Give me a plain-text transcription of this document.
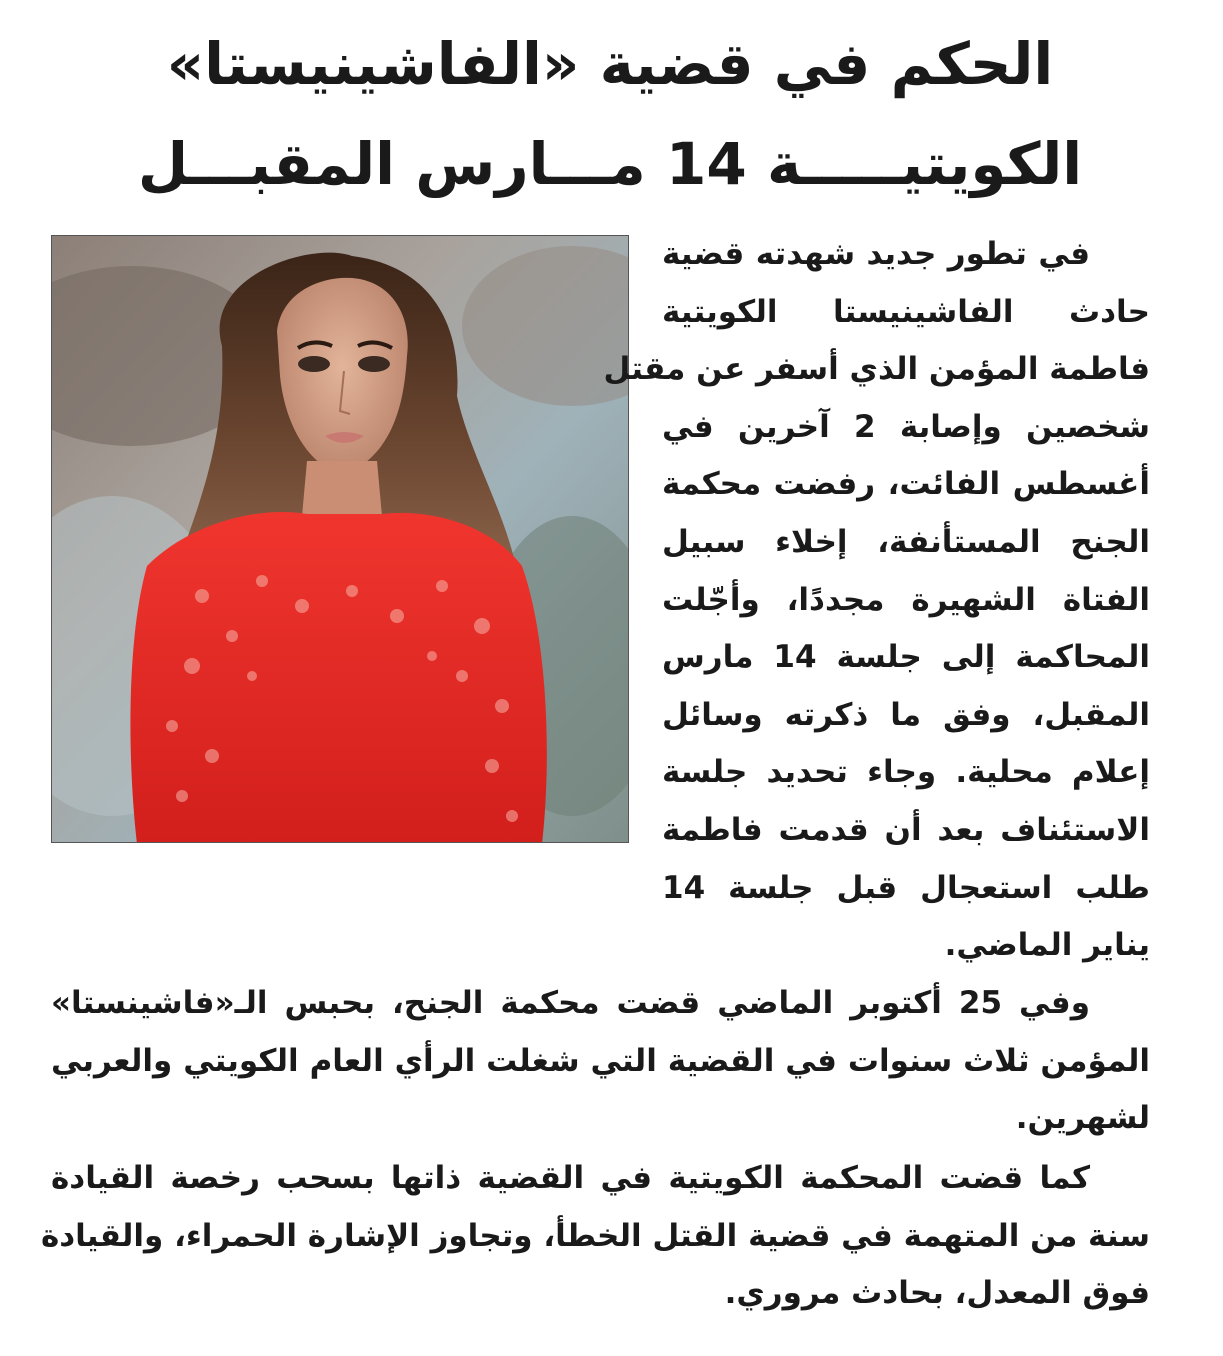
الحكم في قضية «الفاشينيستا»
الكويتيـــــة 14 مـــارس المقبـــل
في تطور جديد شهدته قضية
حادث الفاشينيستا الكويتية
فاطمة المؤمن الذي أسفر عن مقتل
شخصين وإصابة 2 آخرين في
أغسطس الفائت، رفضت محكمة
الجنح المستأنفة، إخلاء سبيل
الفتاة الشهيرة مجددًا، وأجّلت
المحاكمة إلى جلسة 14 مارس
المقبل، وفق ما ذكرته وسائل
إعلام محلية. وجاء تحديد جلسة
الاستئناف بعد أن قدمت فاطمة
طلب استعجال قبل جلسة 14
يناير الماضي.
وفي 25 أكتوبر الماضي قضت محكمة الجنح، بحبس الـ«فاشينستا»
المؤمن ثلاث سنوات في القضية التي شغلت الرأي العام الكويتي والعربي
لشهرين.
كما قضت المحكمة الكويتية في القضية ذاتها بسحب رخصة القيادة
سنة من المتهمة في قضية القتل الخطأ، وتجاوز الإشارة الحمراء، والقيادة
فوق المعدل، بحادث مروري.
